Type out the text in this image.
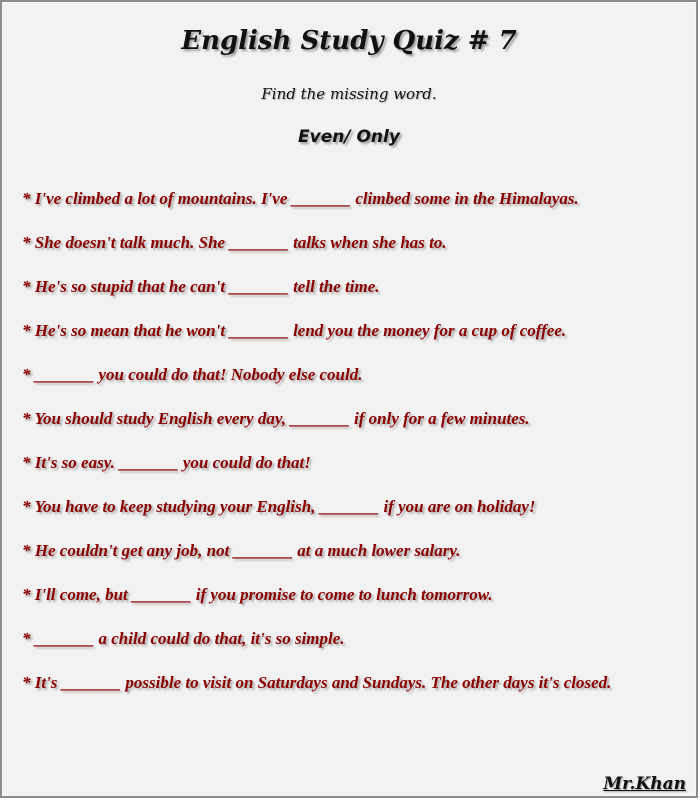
English Study Quiz # 7
Find the missing word.
Even/ Only
* I've climbed a lot of mountains. I've _______ climbed some in the Himalayas.
* She doesn't talk much. She _______ talks when she has to.
* He's so stupid that he can't _______ tell the time.
* He's so mean that he won't _______ lend you the money for a cup of coffee.
* _______ you could do that! Nobody else could.
* You should study English every day, _______ if only for a few minutes.
* It's so easy. _______ you could do that!
* You have to keep studying your English, _______ if you are on holiday!
* He couldn't get any job, not _______ at a much lower salary.
* I'll come, but _______ if you promise to come to lunch tomorrow.
* _______ a child could do that, it's so simple.
* It's _______ possible to visit on Saturdays and Sundays. The other days it's closed.
Mr.Khan
